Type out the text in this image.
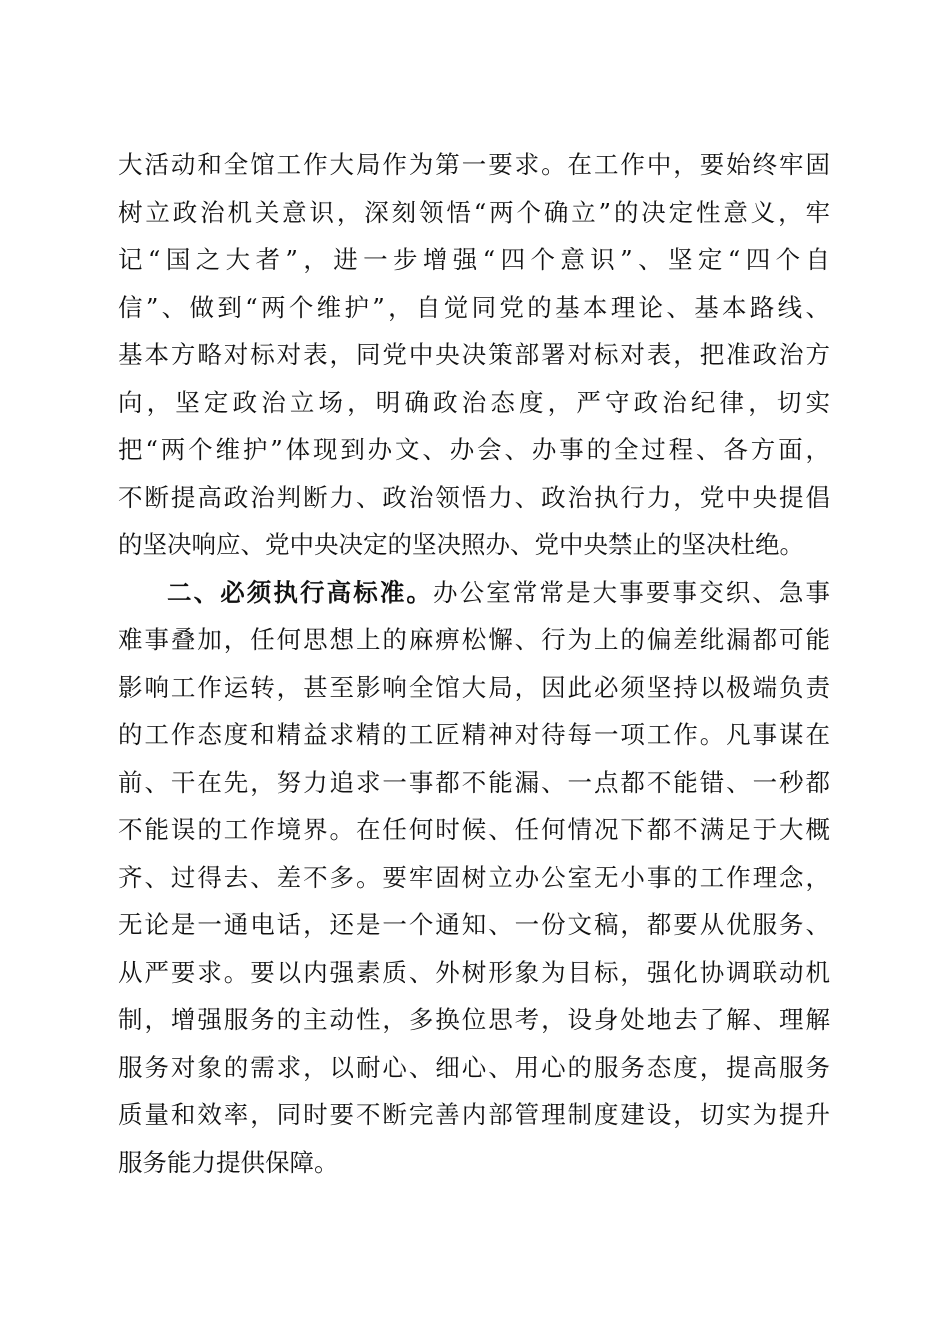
大活动和全馆工作大局作为第一要求。在工作中，要始终牢固
树立政治机关意识，深刻领悟“两个确立”的决定性意义，牢
记“国之大者”，进一步增强“四个意识”、坚定“四个自
信”、做到“两个维护”，自觉同党的基本理论、基本路线、
基本方略对标对表，同党中央决策部署对标对表，把准政治方
向，坚定政治立场，明确政治态度，严守政治纪律，切实
把“两个维护”体现到办文、办会、办事的全过程、各方面，
不断提高政治判断力、政治领悟力、政治执行力，党中央提倡
的坚决响应、党中央决定的坚决照办、党中央禁止的坚决杜绝。
二、必须执行高标准。办公室常常是大事要事交织、急事
难事叠加，任何思想上的麻痹松懈、行为上的偏差纰漏都可能
影响工作运转，甚至影响全馆大局，因此必须坚持以极端负责
的工作态度和精益求精的工匠精神对待每一项工作。凡事谋在
前、干在先，努力追求一事都不能漏、一点都不能错、一秒都
不能误的工作境界。在任何时候、任何情况下都不满足于大概
齐、过得去、差不多。要牢固树立办公室无小事的工作理念，
无论是一通电话，还是一个通知、一份文稿，都要从优服务、
从严要求。要以内强素质、外树形象为目标，强化协调联动机
制，增强服务的主动性，多换位思考，设身处地去了解、理解
服务对象的需求，以耐心、细心、用心的服务态度，提高服务
质量和效率，同时要不断完善内部管理制度建设，切实为提升
服务能力提供保障。
